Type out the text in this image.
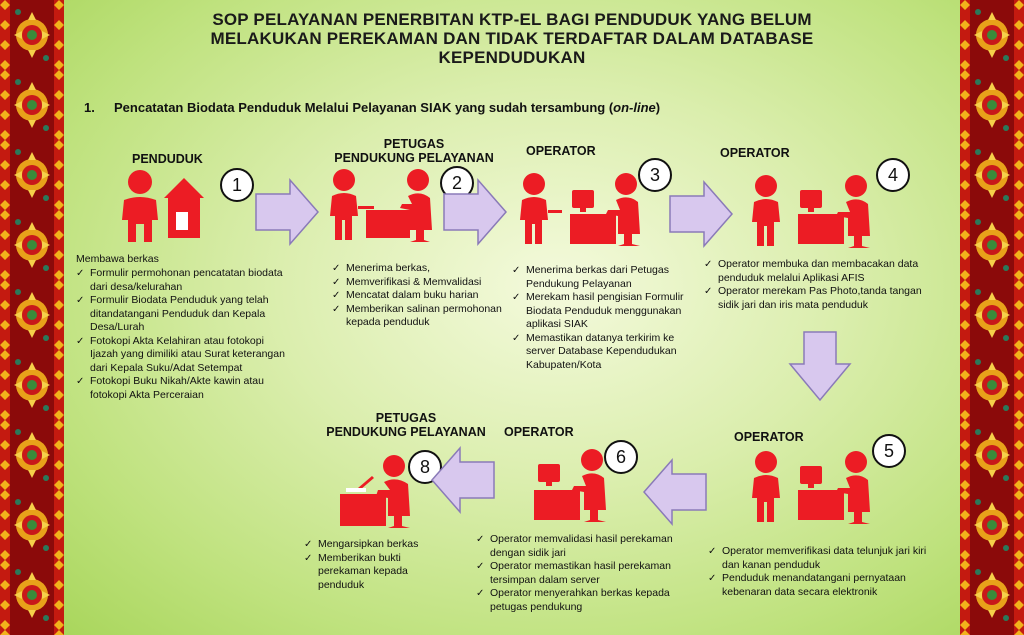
SOP PELAYANAN PENERBITAN KTP-EL BAGI PENDUDUK YANG BELUM
MELAKUKAN PEREKAMAN DAN TIDAK TERDAFTAR DALAM DATABASE
KEPENDUDUKAN
1. Pencatatan Biodata Penduduk Melalui Pelayanan SIAK yang sudah tersambung (on-line)
PENDUDUK
PETUGAS
PENDUKUNG PELAYANAN	OPERATOR	OPERATOR
OPERATOR
OPERATOR
PETUGAS
PENDUKUNG PELAYANAN
1	2	3	4
5
6
8
Membawa berkas
✓ Formulir permohonan pencatatan biodata dari desa/kelurahan
✓ Formulir Biodata Penduduk yang telah ditandatangani Penduduk dan Kepala Desa/Lurah
✓ Fotokopi Akta Kelahiran atau fotokopi Ijazah yang dimiliki atau Surat keterangan dari Kepala Suku/Adat Setempat
✓ Fotokopi Buku Nikah/Akte kawin atau fotokopi Akta Perceraian
✓ Menerima berkas,
✓ Memverifikasi & Memvalidasi
✓ Mencatat dalam buku harian
✓ Memberikan salinan permohonan kepada penduduk
✓ Menerima berkas dari Petugas Pendukung Pelayanan
✓ Merekam hasil pengisian Formulir Biodata Penduduk menggunakan aplikasi SIAK
✓ Memastikan datanya terkirim ke server Database Kependudukan Kabupaten/Kota
✓ Operator membuka dan membacakan data penduduk melalui Aplikasi AFIS
✓ Operator merekam Pas Photo,tanda tangan sidik jari dan iris mata penduduk
✓ Operator memverifikasi data telunjuk jari kiri dan kanan penduduk
✓ Penduduk menandatangani pernyataan kebenaran data secara elektronik
✓ Operator memvalidasi hasil perekaman dengan sidik jari
✓ Operator memastikan hasil perekaman tersimpan dalam server
✓ Operator menyerahkan berkas kepada petugas pendukung
✓ Mengarsipkan berkas
✓ Memberikan bukti perekaman kepada penduduk
